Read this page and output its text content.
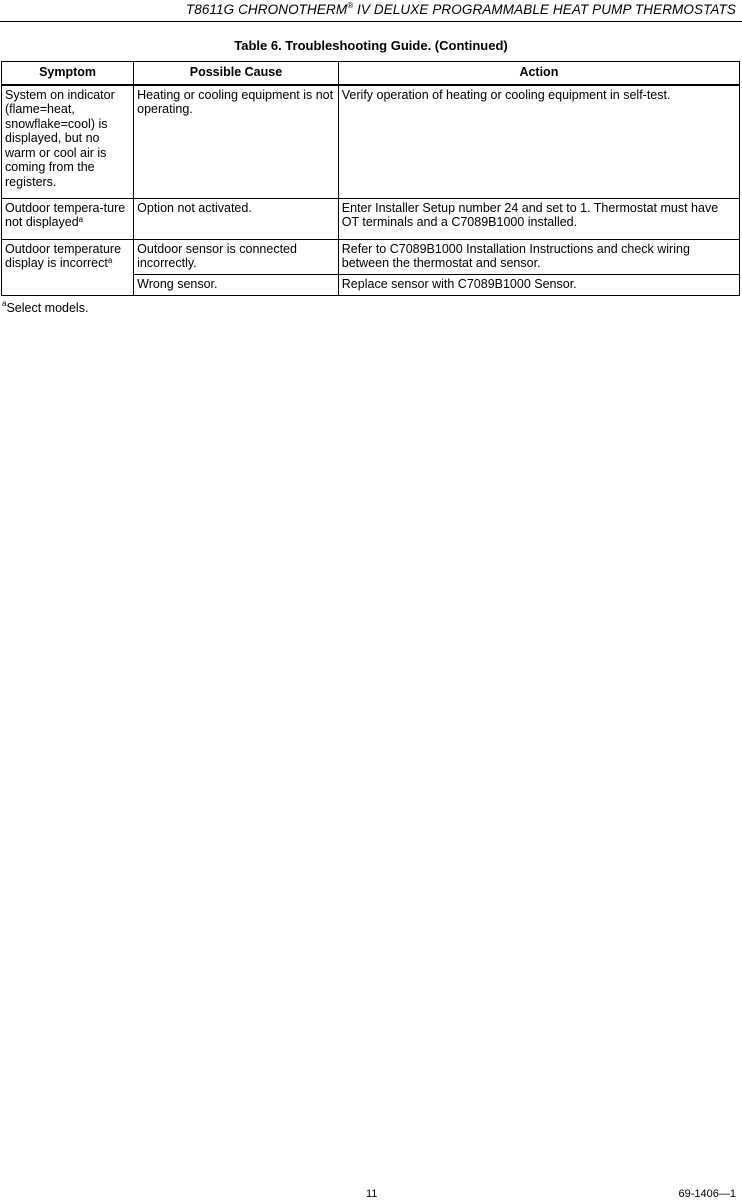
T8611G CHRONOTHERM® IV DELUXE PROGRAMMABLE HEAT PUMP THERMOSTATS
Table 6. Troubleshooting Guide. (Continued)
Symptom	Possible Cause	Action
System on indicator (flame=heat, snowflake=cool) is displayed, but no warm or cool air is coming from the registers.	Heating or cooling equipment is not operating.	Verify operation of heating or cooling equipment in self-test.
Outdoor tempera-ture not displayed$^a$	Option not activated.	Enter Installer Setup number 24 and set to 1. Thermostat must have OT terminals and a C7089B1000 installed.
Outdoor temperature display is incorrect$^a$	Outdoor sensor is connected incorrectly.	Refer to C7089B1000 Installation Instructions and check wiring between the thermostat and sensor.
	Wrong sensor.	Replace sensor with C7089B1000 Sensor.
$^a$Select models.
11	69-1406—1
